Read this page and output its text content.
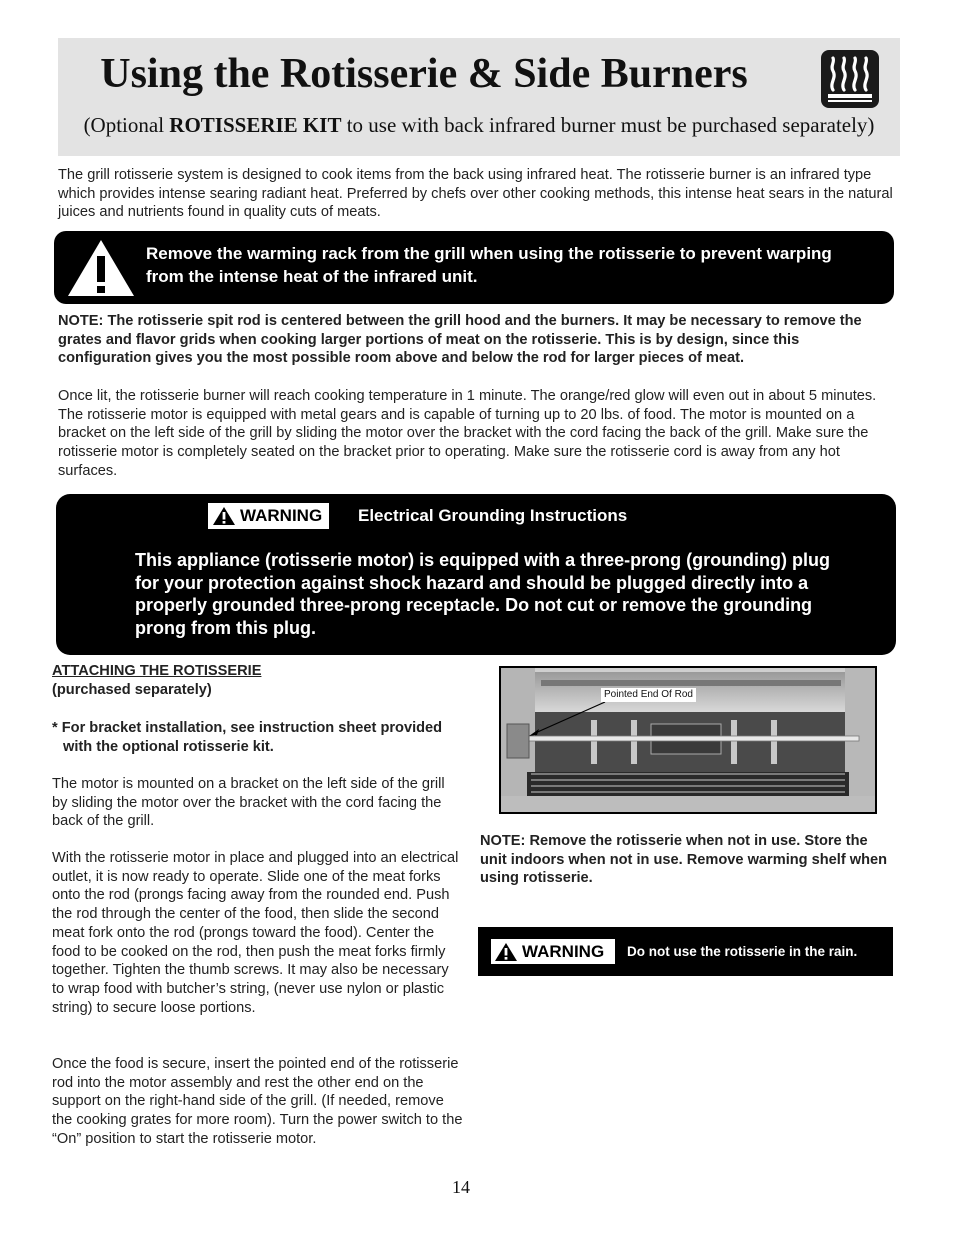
Using the Rotisserie & Side Burners
(Optional ROTISSERIE KIT to use with back infrared burner must be purchased separately)

The grill rotisserie system is designed to cook items from the back using infrared heat. The rotisserie burner is an infrared type which provides intense searing radiant heat. Preferred by chefs over other cooking methods, this intense heat sears in the natural juices and nutrients found in quality cuts of meats.

Remove the warming rack from the grill when using the rotisserie to prevent warping from the intense heat of the infrared unit.

NOTE: The rotisserie spit rod is centered between the grill hood and the burners. It may be necessary to remove the grates and flavor grids when cooking larger portions of meat on the rotisserie. This is by design, since this configuration gives you the most possible room above and below the rod for larger pieces of meat.

Once lit, the rotisserie burner will reach cooking temperature in 1 minute. The orange/red glow will even out in about 5 minutes. The rotisserie motor is equipped with metal gears and is capable of turning up to 20 lbs. of food. The motor is mounted on a bracket on the left side of the grill by sliding the motor over the bracket with the cord facing the back of the grill. Make sure the rotisserie motor is completely seated on the bracket prior to operating. Make sure the rotisserie cord is away from any hot surfaces.

WARNING Electrical Grounding Instructions
This appliance (rotisserie motor) is equipped with a three-prong (grounding) plug for your protection against shock hazard and should be plugged directly into a properly grounded three-prong receptacle. Do not cut or remove the grounding prong from this plug.
ATTACHING THE ROTISSERIE
(purchased separately)
* For bracket installation, see instruction sheet provided with the optional rotisserie kit.

The motor is mounted on a bracket on the left side of the grill by sliding the motor over the bracket with the cord facing the back of the grill.

With the rotisserie motor in place and plugged into an electrical outlet, it is now ready to operate. Slide one of the meat forks onto the rod (prongs facing away from the rounded end. Push the rod through the center of the food, then slide the second meat fork onto the rod (prongs toward the food). Center the food to be cooked on the rod, then push the meat forks firmly together. Tighten the thumb screws. It may also be necessary to wrap food with butcher’s string, (never use nylon or plastic string) to secure loose portions.

Once the food is secure, insert the pointed end of the rotisserie rod into the motor assembly and rest the other end on the support on the right-hand side of the grill. (If needed, remove the cooking grates for more room). Turn the power switch to the “On” position to start the rotisserie motor.

Pointed End Of Rod

NOTE: Remove the rotisserie when not in use. Store the unit indoors when not in use. Remove warming shelf when using rotisserie.

WARNING Do not use the rotisserie in the rain.
14
